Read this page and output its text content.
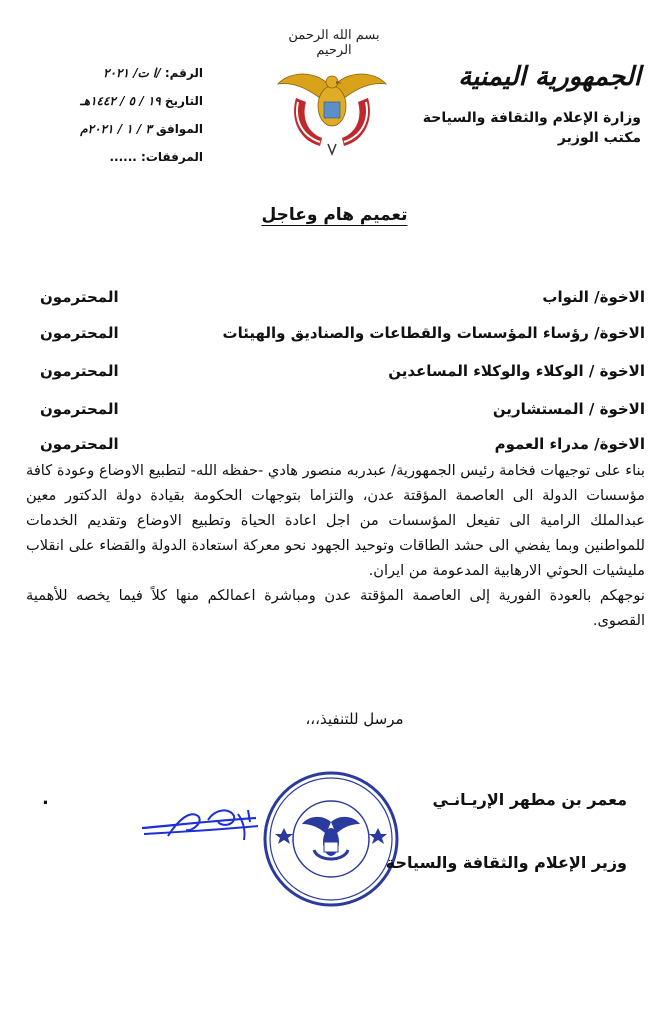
بسم الله الرحمن الرحيم
الجمهورية اليمنية
وزارة الإعلام والثقافة والسياحة
مكتب الوزير
الرقم: /ا ت/ ٢٠٢١
التاريخ ١٩ / ٥ / ١٤٤٢هـ
الموافق ٣ / ١ / ٢٠٢١م
المرفقات: ......
تعميم هام وعاجل
الاخوة/ النواب
المحترمون
الاخوة/ رؤساء المؤسسات والقطاعات والصناديق والهيئات
المحترمون
الاخوة / الوكلاء والوكلاء المساعدين
المحترمون
الاخوة / المستشارين
المحترمون
الاخوة/ مدراء العموم
المحترمون

بناء على توجيهات فخامة رئيس الجمهورية/ عبدربه منصور هادي -حفظه الله- لتطبيع الاوضاع وعودة كافة مؤسسات الدولة الى العاصمة المؤقتة عدن، والتزاما بتوجهات الحكومة بقيادة دولة الدكتور معين عبدالملك الرامية الى تفيعل المؤسسات من اجل اعادة الحياة وتطبيع الاوضاع وتقديم الخدمات للمواطنين وبما يفضي الى حشد الطاقات وتوحيد الجهود نحو معركة استعادة الدولة والقضاء على انقلاب مليشيات الحوثي الارهابية المدعومة من ايران.

نوجهكم بالعودة الفورية إلى العاصمة المؤقتة عدن ومباشرة اعمالكم منها كلاً فيما يخصه للأهمية القصوى.

مرسل للتنفيذ،،،
.	معمر بن مطهر الإريـانـي
وزير الإعلام والثقافة والسياحة
